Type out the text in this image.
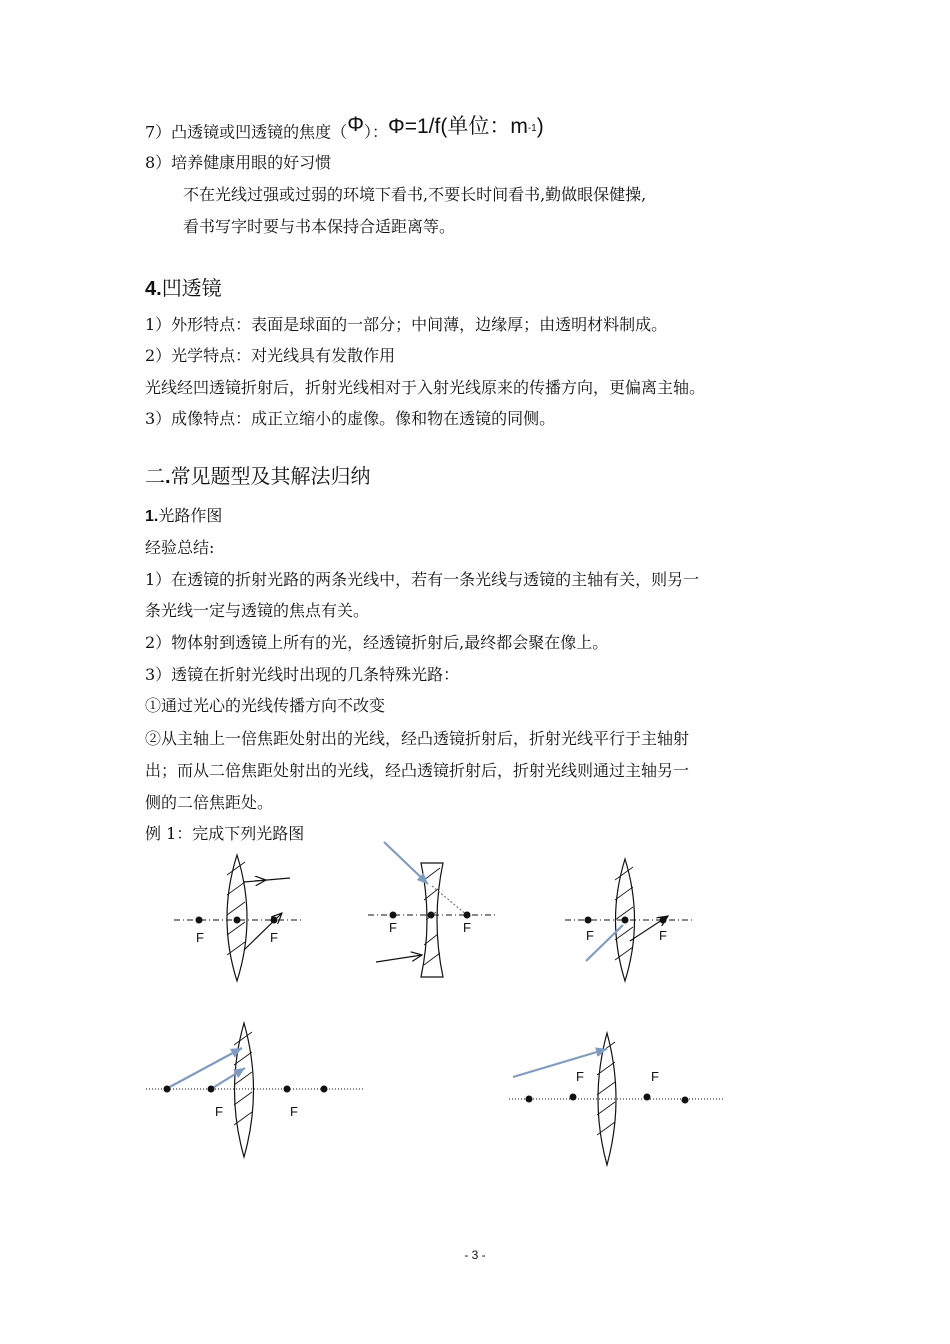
7）凸透镜或凹透镜的焦度（Φ）：Φ=1/f(单位：$m^{-1}$)
8）培养健康用眼的好习惯
不在光线过强或过弱的环境下看书,不要长时间看书,勤做眼保健操,
看书写字时要与书本保持合适距离等。
4.凹透镜
1）外形特点：表面是球面的一部分；中间薄，边缘厚；由透明材料制成。
2）光学特点：对光线具有发散作用
光线经凹透镜折射后，折射光线相对于入射光线原来的传播方向，更偏离主轴。
3）成像特点：成正立缩小的虚像。像和物在透镜的同侧。
二.常见题型及其解法归纳
1.光路作图
经验总结:
1）在透镜的折射光路的两条光线中，若有一条光线与透镜的主轴有关，则另一
条光线一定与透镜的焦点有关。
2）物体射到透镜上所有的光，经透镜折射后,最终都会聚在像上。
3）透镜在折射光线时出现的几条特殊光路：
①通过光心的光线传播方向不改变
②从主轴上一倍焦距处射出的光线，经凸透镜折射后，折射光线平行于主轴射
出；而从二倍焦距处射出的光线，经凸透镜折射后，折射光线则通过主轴另一
侧的二倍焦距处。
例 1：完成下列光路图
F	F
F	F
F	F
F	F
F	F
- 3 -
